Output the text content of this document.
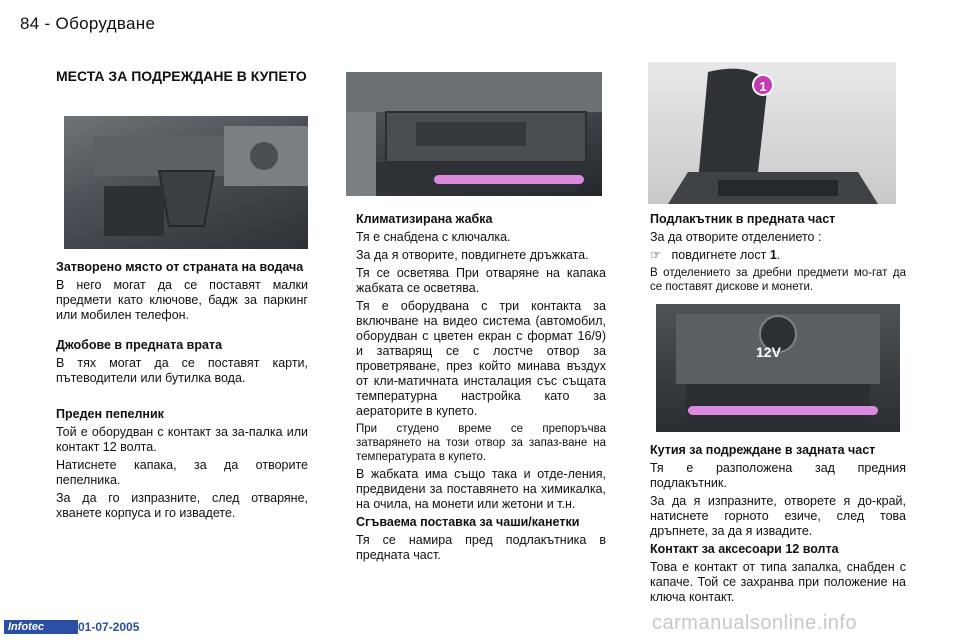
84 - Оборудване
МЕСТА ЗА ПОДРЕЖДАНЕ В КУПЕТО
1
12V
Затворено място от страната на водача

В него могат да се поставят малки предмети като ключове, бадж за паркинг или мобилен телефон.

Джобове в предната врата

В тях могат да се поставят карти, пътеводители или бутилка вода.

Преден пепелник

Той е оборудван с контакт за за-палка или контакт 12 волта.

Натиснете капака, за да отворите пепелника.

За да го изпразните, след отваряне, хванете корпуса и го извадете.

Климатизирана жабка

Тя е снабдена с ключалка.

За да я отворите, повдигнете дръжката.

Тя се осветява При отваряне на капака жабката се осветява.

Тя е оборудвана с три контакта за включване на видео система (автомобил, оборудван с цветен екран с формат 16/9) и затварящ се с лостче отвор за проветряване, през който минава въздух от кли-матичната инсталация със същата температурна настройка като за аераторите в купето.

При студено време се препоръчва затварянето на този отвор за запаз-ване на температурата в купето.

В жабката има също така и отде-ления, предвидени за поставянето на химикалка, на очила, на монети или жетони и т.н.

Сгъваема поставка за чаши/канетки

Тя се намира пред подлакътника в предната част.

Подлакътник в предната част

За да отворите отделението :

☞ повдигнете лост 1.

В отделението за дребни предмети мо-гат да се поставят дискове и монети.

Кутия за подреждане в задната част

Тя е разположена зад предния подлакътник.

За да я изпразните, отворете я до-край, натиснете горното езиче, след това дръпнете, за да я извадите.

Контакт за аксесоари 12 волта

Това е контакт от типа запалка, снабден с капаче. Той се захранва при положение на ключа контакт.

Infotec	01-07-2005	carmanualsonline.info
